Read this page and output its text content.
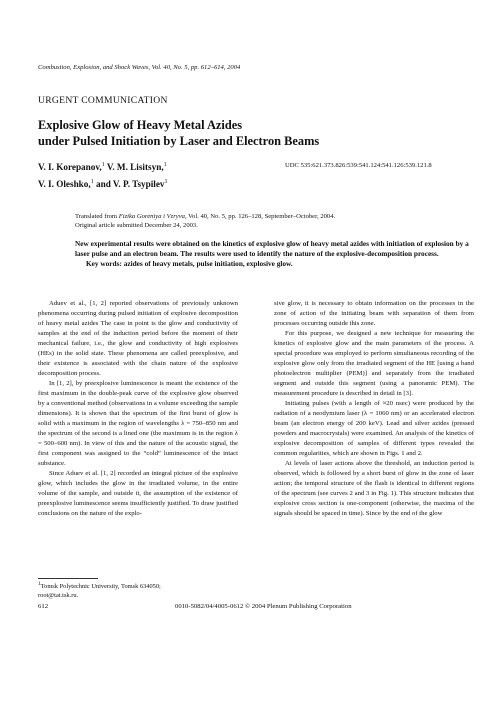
Combustion, Explosion, and Shock Waves, Vol. 40, No. 5, pp. 612–614, 2004
URGENT COMMUNICATION
Explosive Glow of Heavy Metal Azides
under Pulsed Initiation by Laser and Electron Beams
V. I. Korepanov,$^1$ V. M. Lisitsyn,$^1$
V. I. Oleshko,$^1$ and V. P. Tsypilev$^1$
UDC 535:621.373.826:539:541.124:541.126:539.121.8
Translated from Fizika Goreniya i Vzryva, Vol. 40, No. 5, pp. 126–128, September–October, 2004.
Original article submitted December 24, 2003.
New experimental results were obtained on the kinetics of explosive glow of heavy metal azides with initiation of explosion by a laser pulse and an electron beam. The results were used to identify the nature of the explosive-decomposition process.
Key words: azides of heavy metals, pulse initiation, explosive glow.

Aduev et al., [1, 2] reported observations of previously unknown phenomena occurring during pulsed initiation of explosive decomposition of heavy metal azides The case in point is the glow and conductivity of samples at the end of the induction period before the moment of their mechanical failure, i.e., the glow and conductivity of high explosives (HEs) in the solid state. These phenomena are called preexplosive, and their existence is associated with the chain nature of the explosive decomposition process.

In [1, 2], by preexplosive luminescence is meant the existence of the first maximum in the double-peak curve of the explosive glow observed by a conventional method (observations in a volume exceeding the sample dimensions). It is shown that the spectrum of the first burst of glow is solid with a maximum in the region of wavelengths λ = 750–850 nm and the spectrum of the second is a lined one (the maximum is in the region λ = 500–600 nm). In view of this and the nature of the acoustic signal, the first component was assigned to the “cold” luminescence of the intact substance.

Since Aduev et al. [1, 2] recorded an integral picture of the explosive glow, which includes the glow in the irradiated volume, in the entire volume of the sample, and outside it, the assumption of the existence of preexplosive luminescence seems insufficiently justified. To draw justified conclusions on the nature of the explo-

sive glow, it is necessary to obtain information on the processes in the zone of action of the initiating beam with separation of them from processes occurring outside this zone.

For this purpose, we designed a new technique for measuring the kinetics of explosive glow and the main parameters of the process. A special procedure was employed to perform simultaneous recording of the explosive glow only from the irradiated segment of the HE [using a band photoelectron multiplier (PEM)] and separately from the irradiated segment and outside this segment (using a panoramic PEM). The measurement procedure is described in detail in [3].

Initiating pulses (with a length of ≈20 nsec) were produced by the radiation of a neodymium laser (λ = 1060 nm) or an accelerated electron beam (an electron energy of 200 keV). Lead and silver azides (pressed powders and macrocrystals) were examined. An analysis of the kinetics of explosive decomposition of samples of different types revealed the common regularities, which are shown in Figs. 1 and 2.

At levels of laser actions above the threshold, an induction period is observed, which is followed by a short burst of glow in the zone of laser action; the temporal structure of the flash is identical in different regions of the spectrum (see curves 2 and 3 in Fig. 1). This structure indicates that explosive cross section is one-component (otherwise, the maxima of the signals should be spaced in time). Since by the end of the glow

$^1$Tomsk Polytechnic University, Tomsk 634050;
root@tat.tsk.ru.
612	0010-5082/04/4005-0612 © 2004 Plenum Publishing Corporation
